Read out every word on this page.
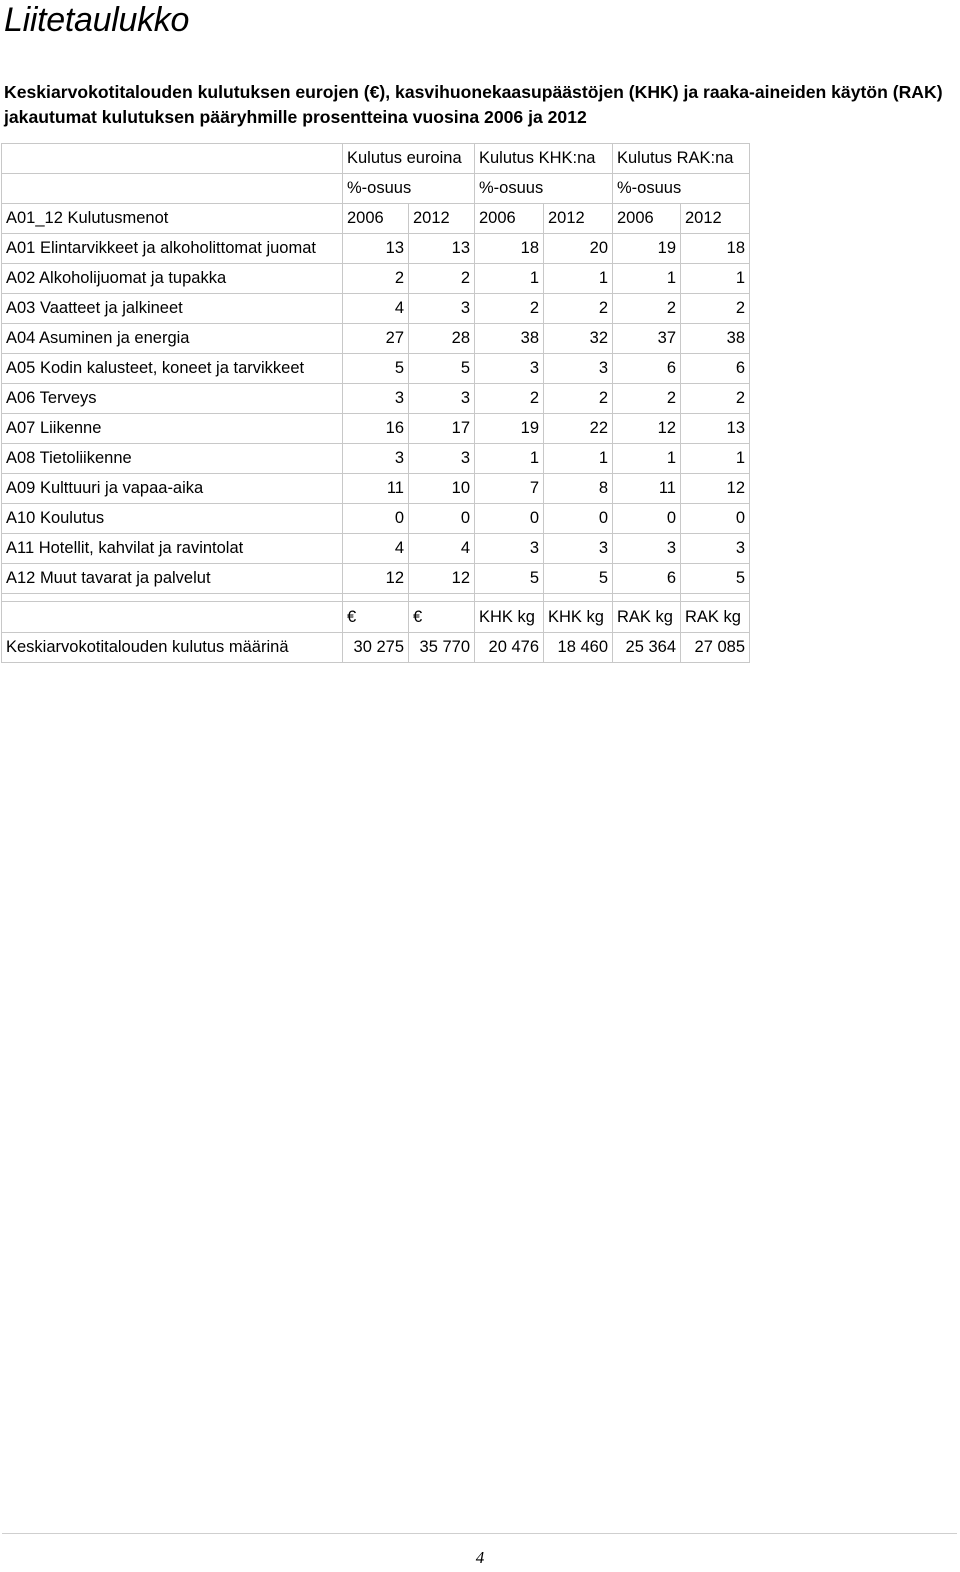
Liitetaulukko
Keskiarvokotitalouden kulutuksen eurojen (€), kasvihuonekaasupäästöjen (KHK) ja raaka-aineiden käytön (RAK) jakautumat kulutuksen pääryhmille prosentteina vuosina 2006 ja 2012
	Kulutus euroina		Kulutus KHK:na		Kulutus RAK:na	
	%-osuus		%-osuus		%-osuus	
A01_12 Kulutusmenot	2006	2012	2006	2012	2006	2012
A01 Elintarvikkeet ja alkoholittomat juomat	13	13	18	20	19	18
A02 Alkoholijuomat ja tupakka	2	2	1	1	1	1
A03 Vaatteet ja jalkineet	4	3	2	2	2	2
A04 Asuminen ja energia	27	28	38	32	37	38
A05 Kodin kalusteet, koneet ja tarvikkeet	5	5	3	3	6	6
A06 Terveys	3	3	2	2	2	2
A07 Liikenne	16	17	19	22	12	13
A08 Tietoliikenne	3	3	1	1	1	1
A09 Kulttuuri ja vapaa-aika	11	10	7	8	11	12
A10 Koulutus	0	0	0	0	0	0
A11 Hotellit, kahvilat ja ravintolat	4	4	3	3	3	3
A12 Muut tavarat ja palvelut	12	12	5	5	6	5

	€	€	KHK kg	KHK kg	RAK kg	RAK kg
Keskiarvokotitalouden kulutus määrinä	30 275	35 770	20 476	18 460	25 364	27 085
4
